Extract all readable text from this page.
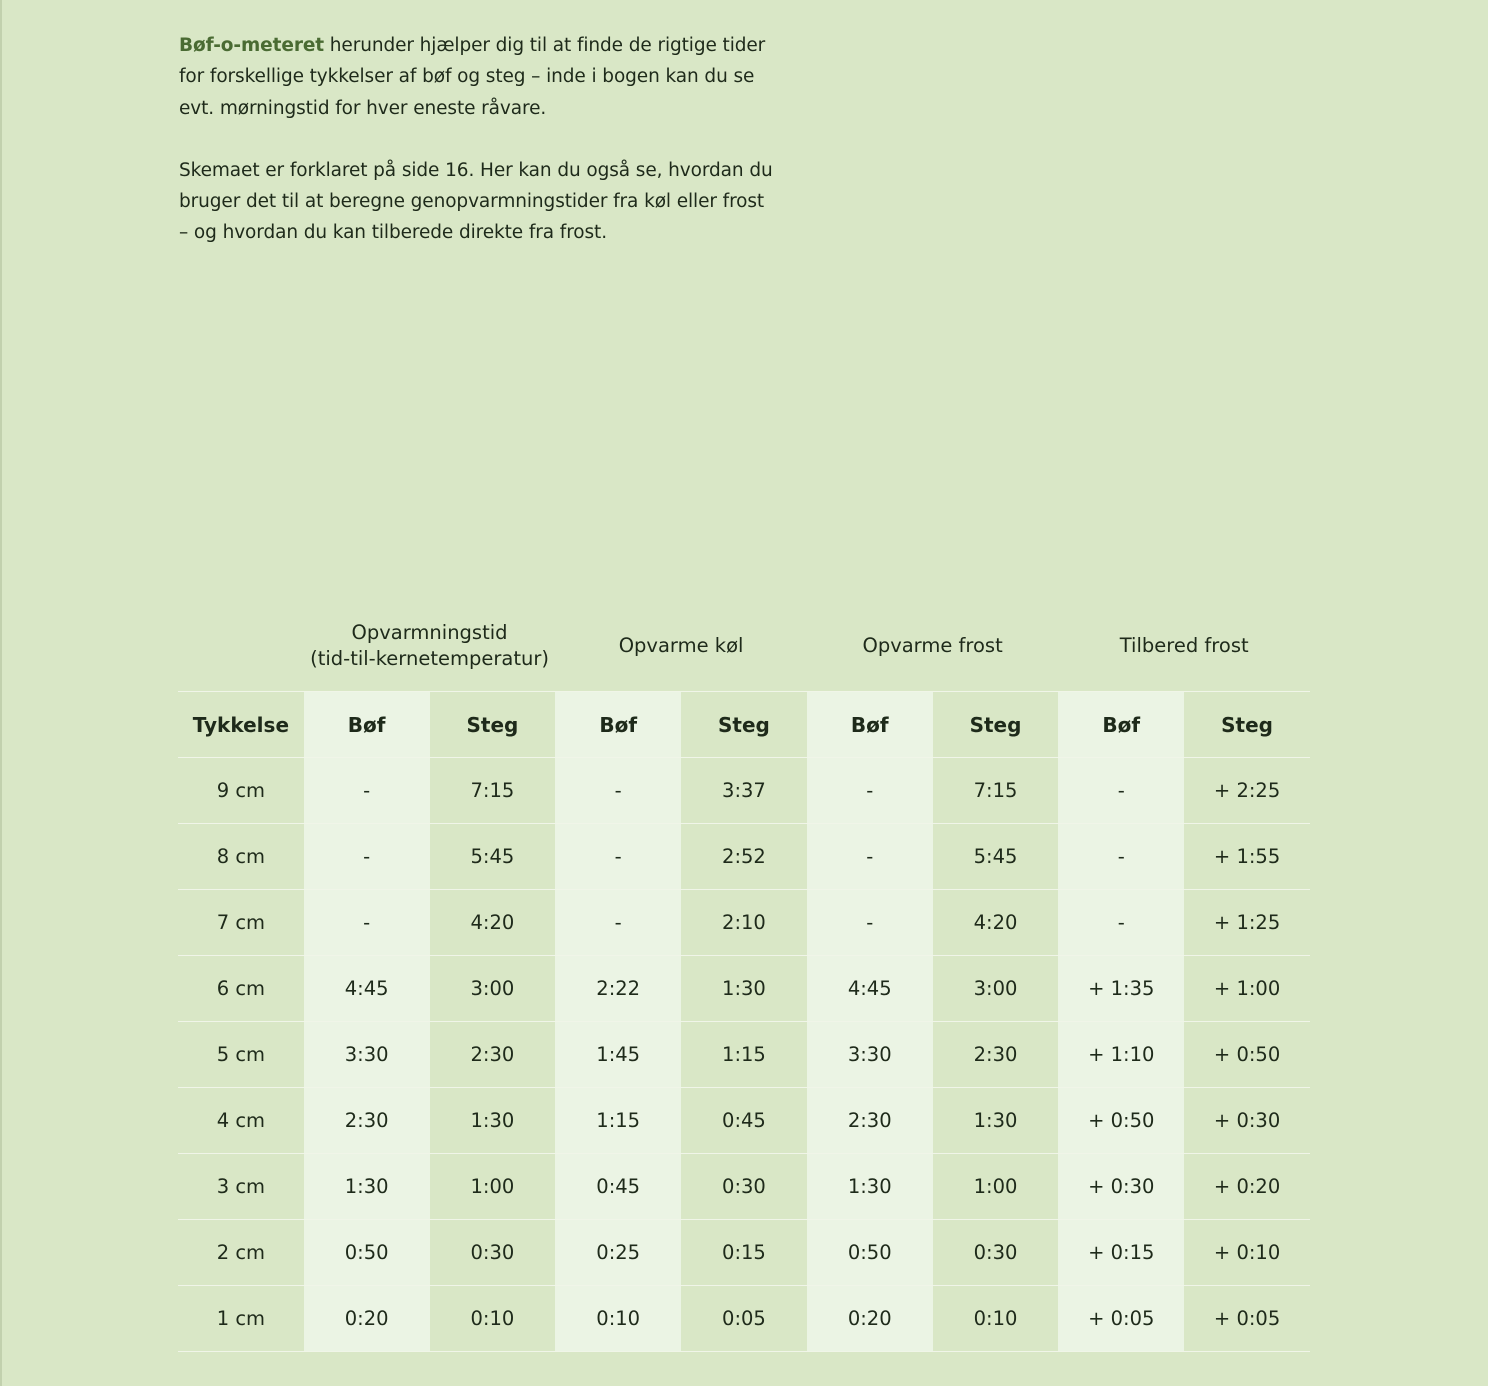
Bøf-o-meteret herunder hjælper dig til at finde de rigtige tider for forskellige tykkelser af bøf og steg – inde i bogen kan du se evt. mørningstid for hver eneste råvare.

Skemaet er forklaret på side 16. Her kan du også se, hvordan du bruger det til at beregne genopvarmningstider fra køl eller frost – og hvordan du kan tilberede direkte fra frost.

	Opvarmningstid
(tid-til-kernetemperatur)		Opvarme køl		Opvarme frost		Tilbered frost	

Tykkelse	Bøf	Steg	Bøf	Steg	Bøf	Steg	Bøf	Steg
9 cm	-	7:15	-	3:37	-	7:15	-	+ 2:25
8 cm	-	5:45	-	2:52	-	5:45	-	+ 1:55
7 cm	-	4:20	-	2:10	-	4:20	-	+ 1:25
6 cm	4:45	3:00	2:22	1:30	4:45	3:00	+ 1:35	+ 1:00
5 cm	3:30	2:30	1:45	1:15	3:30	2:30	+ 1:10	+ 0:50
4 cm	2:30	1:30	1:15	0:45	2:30	1:30	+ 0:50	+ 0:30
3 cm	1:30	1:00	0:45	0:30	1:30	1:00	+ 0:30	+ 0:20
2 cm	0:50	0:30	0:25	0:15	0:50	0:30	+ 0:15	+ 0:10
1 cm	0:20	0:10	0:10	0:05	0:20	0:10	+ 0:05	+ 0:05
